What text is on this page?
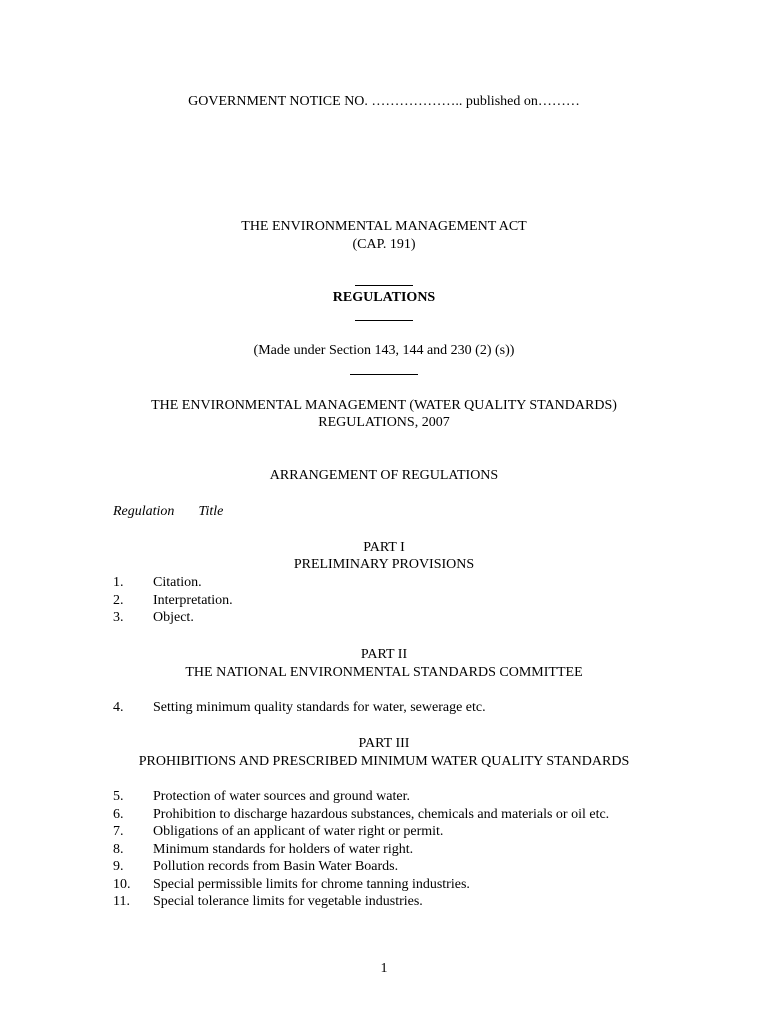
GOVERNMENT NOTICE NO. ……………….. published on………
THE ENVIRONMENTAL MANAGEMENT ACT
(CAP. 191)
REGULATIONS
(Made under Section 143, 144 and 230 (2) (s))
THE ENVIRONMENTAL MANAGEMENT (WATER QUALITY STANDARDS)
REGULATIONS, 2007
ARRANGEMENT OF REGULATIONS
Regulation Title
PART I
PRELIMINARY PROVISIONS
1. Citation.
2. Interpretation.
3. Object.
PART II
THE NATIONAL ENVIRONMENTAL STANDARDS COMMITTEE
4. Setting minimum quality standards for water, sewerage etc.
PART III
PROHIBITIONS AND PRESCRIBED MINIMUM WATER QUALITY STANDARDS
5. Protection of water sources and ground water.
6. Prohibition to discharge hazardous substances, chemicals and materials or oil etc.
7. Obligations of an applicant of water right or permit.
8. Minimum standards for holders of water right.
9. Pollution records from Basin Water Boards.
10. Special permissible limits for chrome tanning industries.
11. Special tolerance limits for vegetable industries.
1
